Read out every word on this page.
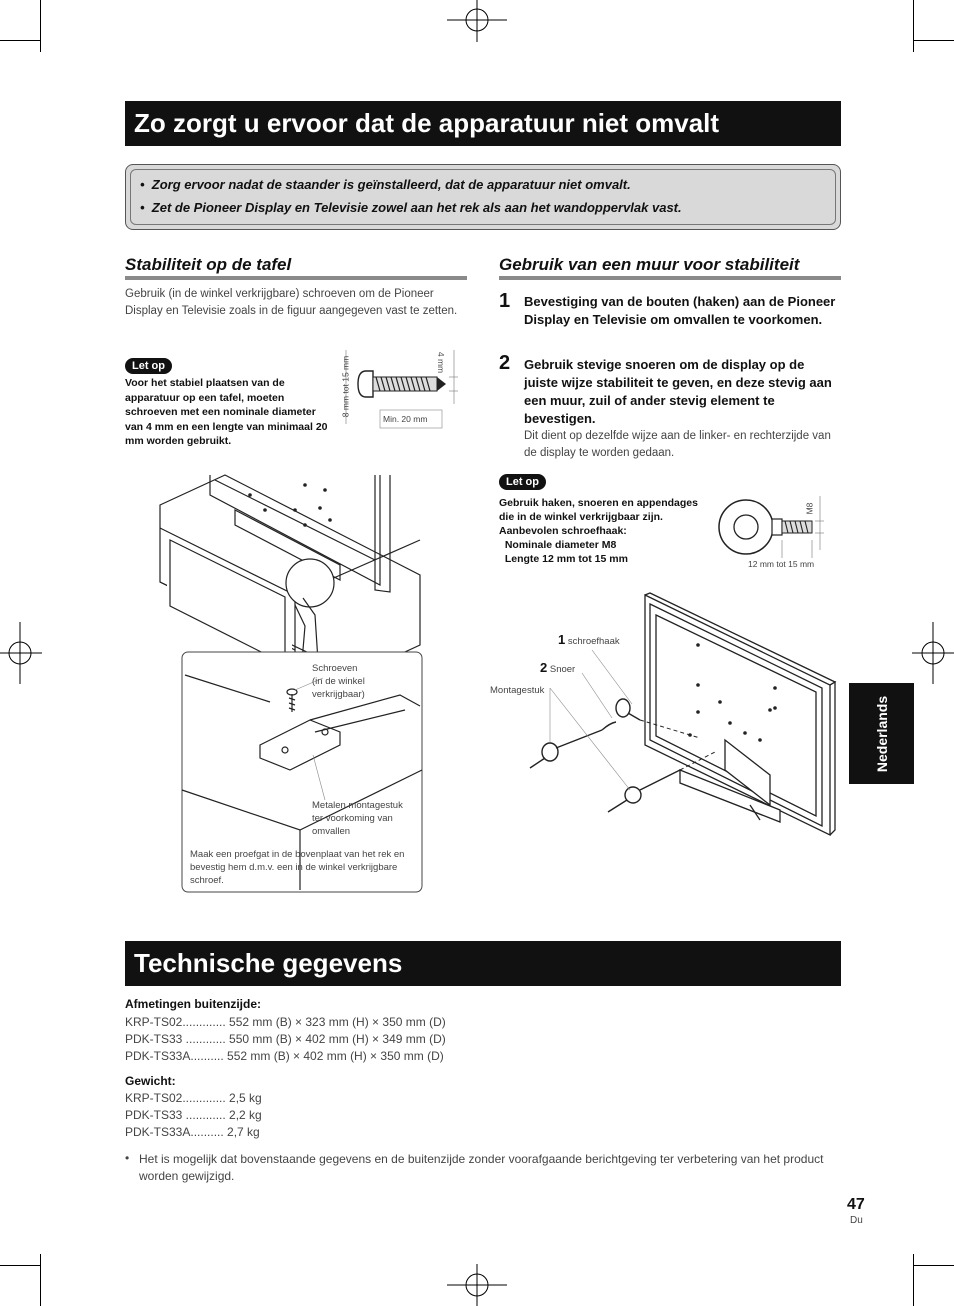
Zo zorgt u ervoor dat de apparatuur niet omvalt
•  Zorg ervoor nadat de staander is geïnstalleerd, dat de apparatuur niet omvalt.
•  Zet de Pioneer Display en Televisie zowel aan het rek als aan het wandoppervlak vast.
Stabiliteit op de tafel
Gebruik (in de winkel verkrijgbare) schroeven om de Pioneer Display en Televisie zoals in de figuur aangegeven vast te zetten.
Let op
Voor het stabiel plaatsen van de apparatuur op een tafel, moeten schroeven met een nominale diameter van 4 mm en een lengte van minimaal 20 mm worden gebruikt.
8 mm tot 15 mm	4 mm
Min. 20 mm
Schroeven
(in de winkel
verkrijgbaar)
Metalen montagestuk
ter voorkoming van
omvallen
Maak een proefgat in de bovenplaat van het rek en bevestig hem d.m.v. een in de winkel verkrijgbare schroef.
Gebruik van een muur voor stabiliteit
1 Bevestiging van de bouten (haken) aan de Pioneer Display en Televisie om omvallen te voorkomen.
2 Gebruik stevige snoeren om de display op de juiste wijze stabiliteit te geven, en deze stevig aan een muur, zuil of ander stevig element te bevestigen.
Dit dient op dezelfde wijze aan de linker- en rechterzijde van de display te worden gedaan.
Let op
Gebruik haken, snoeren en appendages
die in de winkel verkrijgbaar zijn.
Aanbevolen schroefhaak:
Nominale diameter M8
Lengte 12 mm tot 15 mm
M8
12 mm tot 15 mm
1 schroefhaak
2 Snoer
Montagestuk
Nederlands
Technische gegevens
Afmetingen buitenzijde:
KRP-TS02............. 552 mm (B) × 323 mm (H) × 350 mm (D)
PDK-TS33 ............ 550 mm (B) × 402 mm (H) × 349 mm (D)
PDK-TS33A.......... 552 mm (B) × 402 mm (H) × 350 mm (D)
Gewicht:
KRP-TS02............. 2,5 kg
PDK-TS33 ............ 2,2 kg
PDK-TS33A.......... 2,7 kg
• Het is mogelijk dat bovenstaande gegevens en de buitenzijde zonder voorafgaande berichtgeving ter verbetering van het product worden gewijzigd.
47
Du
